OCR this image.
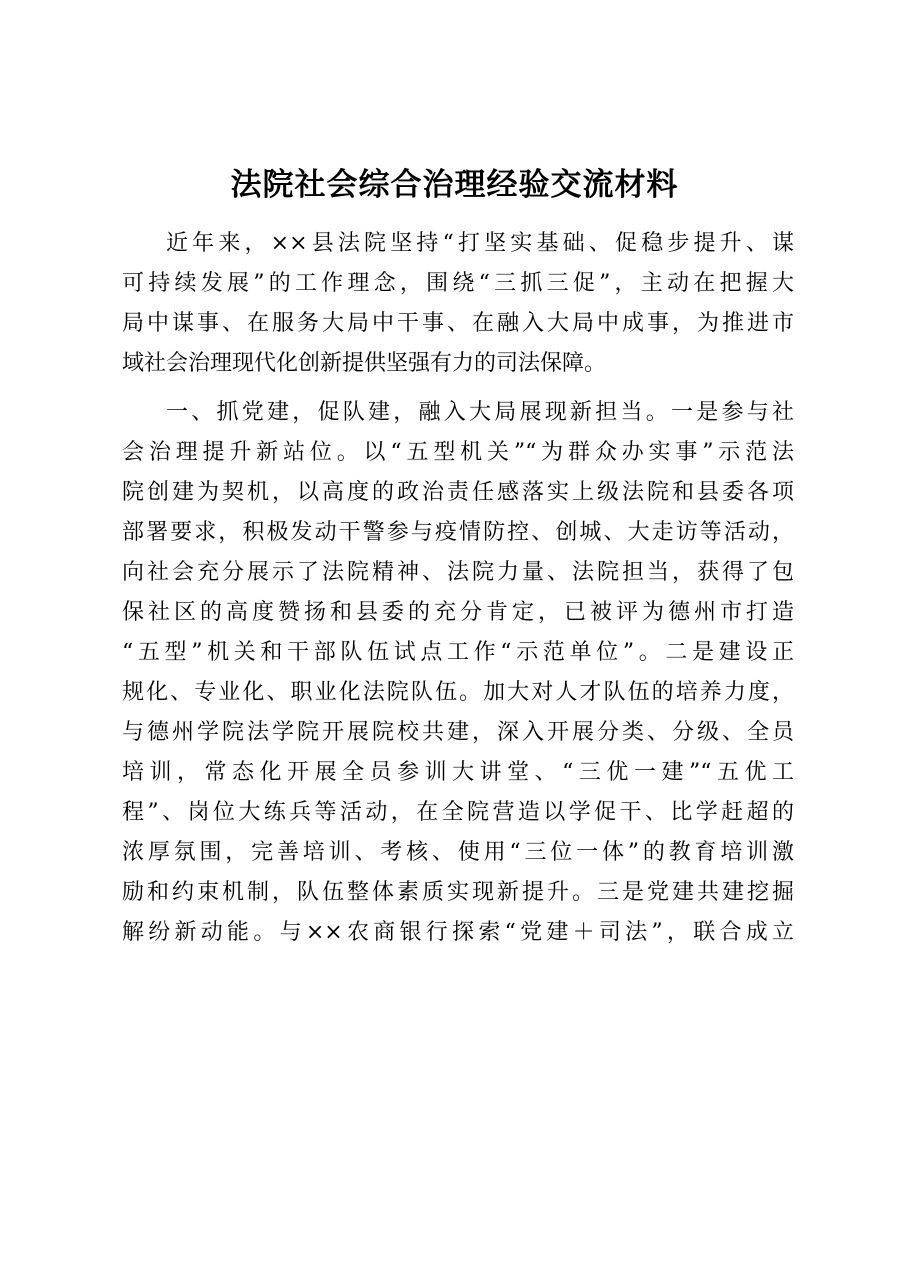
法院社会综合治理经验交流材料
近年来，××县法院坚持“打坚实基础、促稳步提升、谋
可持续发展”的工作理念，围绕“三抓三促”，主动在把握大
局中谋事、在服务大局中干事、在融入大局中成事，为推进市
域社会治理现代化创新提供坚强有力的司法保障。
一、抓党建，促队建，融入大局展现新担当。一是参与社
会治理提升新站位。以“五型机关”“为群众办实事”示范法
院创建为契机，以高度的政治责任感落实上级法院和县委各项
部署要求，积极发动干警参与疫情防控、创城、大走访等活动，
向社会充分展示了法院精神、法院力量、法院担当，获得了包
保社区的高度赞扬和县委的充分肯定，已被评为德州市打造
“五型”机关和干部队伍试点工作“示范单位”。二是建设正
规化、专业化、职业化法院队伍。加大对人才队伍的培养力度，
与德州学院法学院开展院校共建，深入开展分类、分级、全员
培训，常态化开展全员参训大讲堂、“三优一建”“五优工
程”、岗位大练兵等活动，在全院营造以学促干、比学赶超的
浓厚氛围，完善培训、考核、使用“三位一体”的教育培训激
励和约束机制，队伍整体素质实现新提升。三是党建共建挖掘
解纷新动能。与××农商银行探索“党建＋司法”，联合成立
